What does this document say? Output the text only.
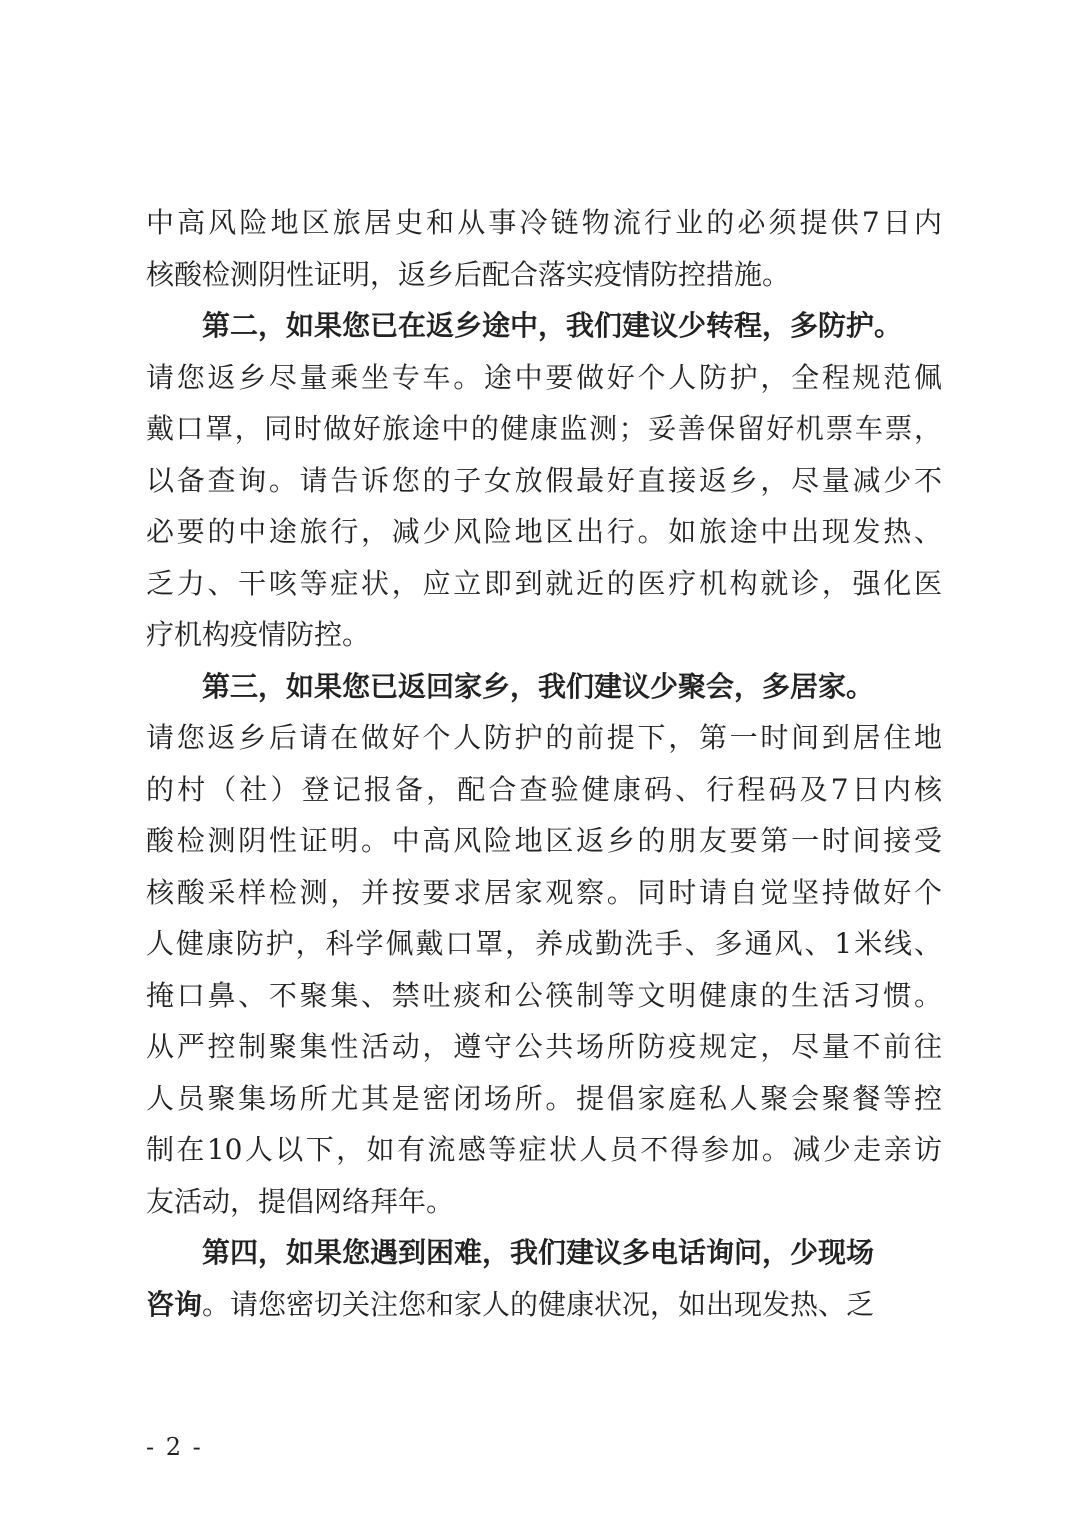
中高风险地区旅居史和从事冷链物流行业的必须提供7日内
核酸检测阴性证明，返乡后配合落实疫情防控措施。
第二，如果您已在返乡途中，我们建议少转程，多防护。
请您返乡尽量乘坐专车。途中要做好个人防护，全程规范佩
戴口罩，同时做好旅途中的健康监测；妥善保留好机票车票，
以备查询。请告诉您的子女放假最好直接返乡，尽量减少不
必要的中途旅行，减少风险地区出行。如旅途中出现发热、
乏力、干咳等症状，应立即到就近的医疗机构就诊，强化医
疗机构疫情防控。
第三，如果您已返回家乡，我们建议少聚会，多居家。
请您返乡后请在做好个人防护的前提下，第一时间到居住地
的村（社）登记报备，配合查验健康码、行程码及7日内核
酸检测阴性证明。中高风险地区返乡的朋友要第一时间接受
核酸采样检测，并按要求居家观察。同时请自觉坚持做好个
人健康防护，科学佩戴口罩，养成勤洗手、多通风、1米线、
掩口鼻、不聚集、禁吐痰和公筷制等文明健康的生活习惯。
从严控制聚集性活动，遵守公共场所防疫规定，尽量不前往
人员聚集场所尤其是密闭场所。提倡家庭私人聚会聚餐等控
制在10人以下，如有流感等症状人员不得参加。减少走亲访
友活动，提倡网络拜年。
第四，如果您遇到困难，我们建议多电话询问，少现场
咨询。请您密切关注您和家人的健康状况，如出现发热、乏
- 2 -
